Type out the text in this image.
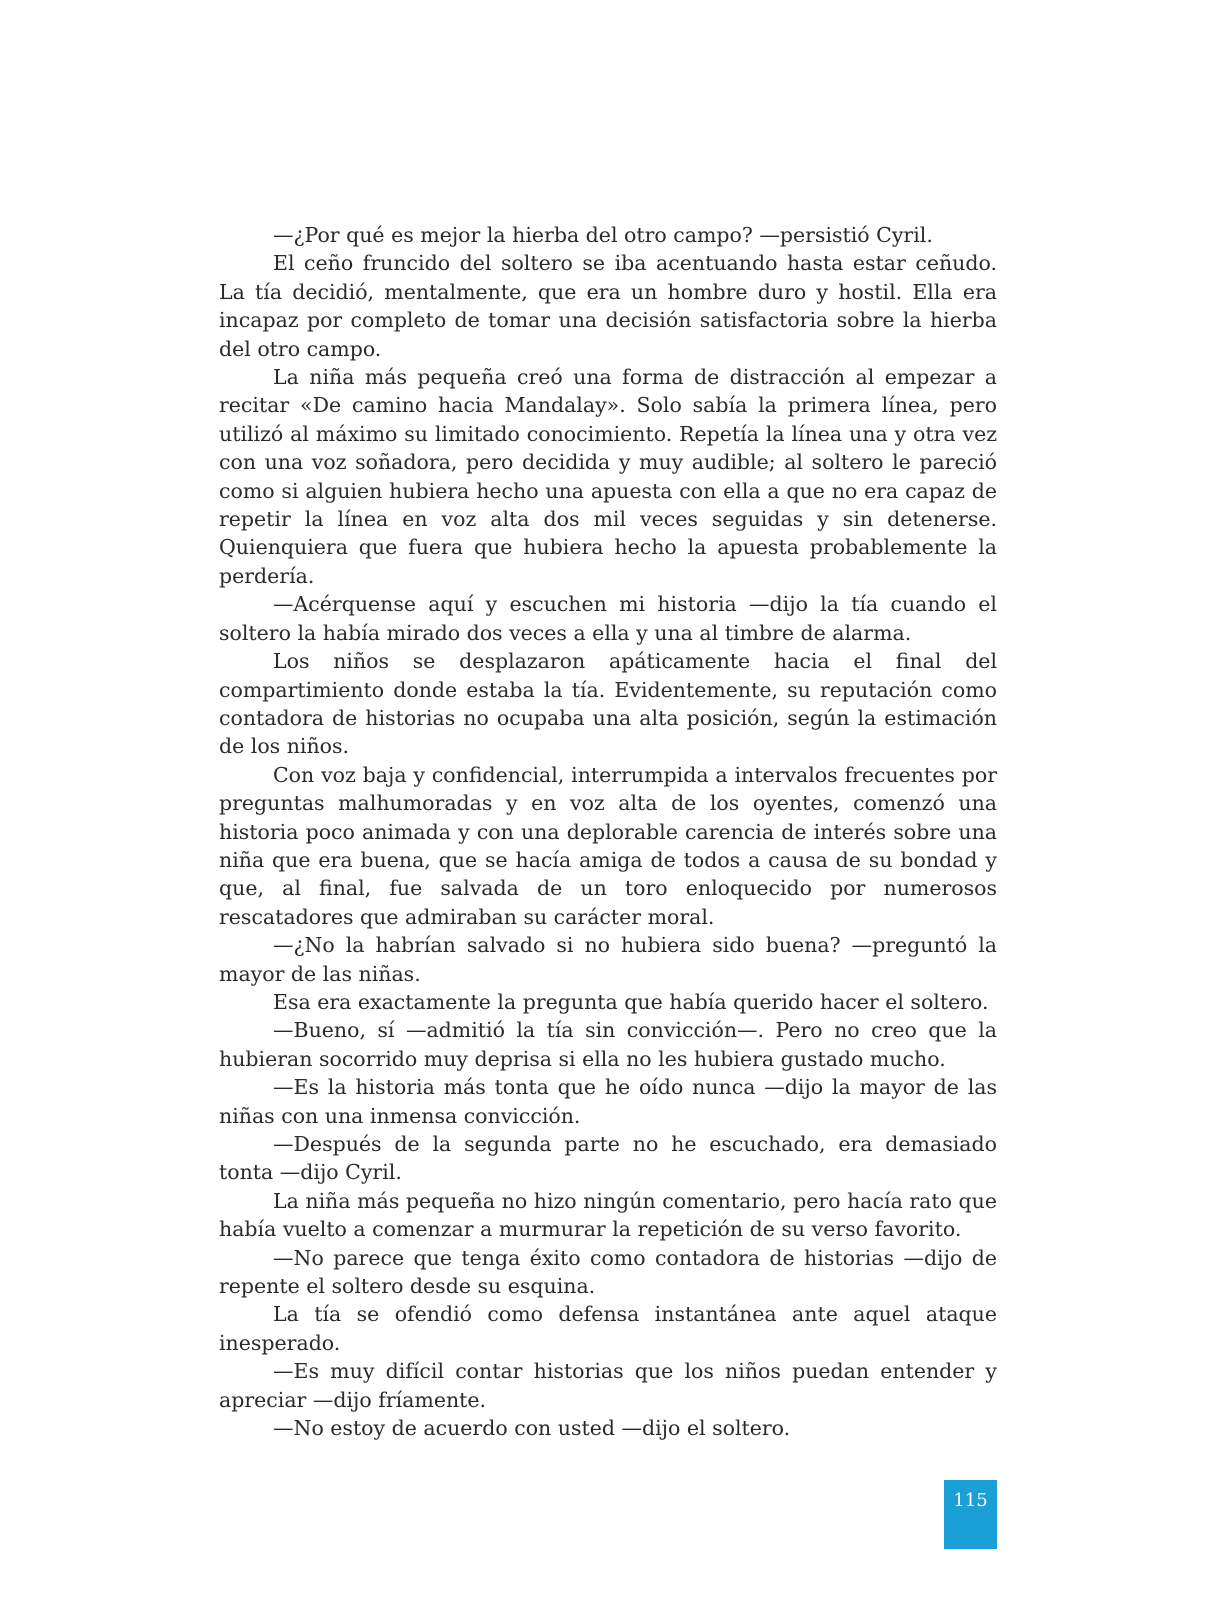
—¿Por qué es mejor la hierba del otro campo? —persistió Cyril.

El ceño fruncido del soltero se iba acentuando hasta estar ceñudo. La tía decidió, mentalmente, que era un hombre duro y hostil. Ella era incapaz por completo de tomar una decisión satisfactoria sobre la hierba del otro campo.

La niña más pequeña creó una forma de distracción al empezar a recitar «De camino hacia Mandalay». Solo sabía la primera línea, pero utilizó al máximo su limitado conocimiento. Repetía la línea una y otra vez con una voz soñadora, pero decidida y muy audible; al soltero le pareció como si alguien hubiera hecho una apuesta con ella a que no era capaz de repetir la línea en voz alta dos mil veces seguidas y sin detenerse. Quienquiera que fuera que hubiera hecho la apuesta probablemente la perdería.

—Acérquense aquí y escuchen mi historia —dijo la tía cuando el soltero la había mirado dos veces a ella y una al timbre de alarma.

Los niños se desplazaron apáticamente hacia el final del compartimiento donde estaba la tía. Evidentemente, su reputación como contadora de historias no ocupaba una alta posición, según la estimación de los niños.

Con voz baja y confidencial, interrumpida a intervalos frecuentes por preguntas malhumoradas y en voz alta de los oyentes, comenzó una historia poco animada y con una deplorable carencia de interés sobre una niña que era buena, que se hacía amiga de todos a causa de su bondad y que, al final, fue salvada de un toro enloquecido por numerosos rescatadores que admiraban su carácter moral.

—¿No la habrían salvado si no hubiera sido buena? —preguntó la mayor de las niñas.

Esa era exactamente la pregunta que había querido hacer el soltero.

—Bueno, sí —admitió la tía sin convicción—. Pero no creo que la hubieran socorrido muy deprisa si ella no les hubiera gustado mucho.

—Es la historia más tonta que he oído nunca —dijo la mayor de las niñas con una inmensa convicción.

—Después de la segunda parte no he escuchado, era demasiado tonta —dijo Cyril.

La niña más pequeña no hizo ningún comentario, pero hacía rato que había vuelto a comenzar a murmurar la repetición de su verso favorito.

—No parece que tenga éxito como contadora de historias —dijo de repente el soltero desde su esquina.

La tía se ofendió como defensa instantánea ante aquel ataque inesperado.

—Es muy difícil contar historias que los niños puedan entender y apreciar —dijo fríamente.

—No estoy de acuerdo con usted —dijo el soltero.

115
